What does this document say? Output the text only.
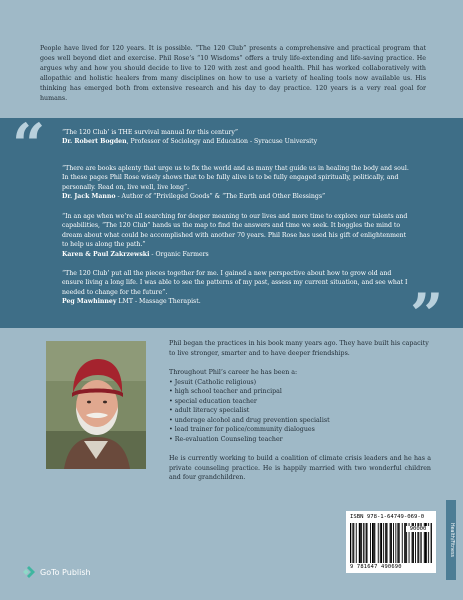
People have lived for 120 years. It is possible. “The 120 Club” presents a comprehensive and practical program that goes well beyond diet and exercise. Phil Rose’s “10 Wisdoms” offers a truly life-extending and life-saving practice. He argues why and how you should decide to live to 120 with zest and good health. Phil has worked collaboratively with allopathic and holistic healers from many disciplines on how to use a variety of healing tools now available us. His thinking has emerged both from extensive research and his day to day practice. 120 years is a very real goal for humans.
“
”
“The 120 Club’ is THE survival manual for this century”
Dr. Robert Bogden, Professor of Sociology and Education - Syracuse University
“There are books aplenty that urge us to fix the world and as many that guide us in healing the body and soul. In these pages Phil Rose wisely shows that to be fully alive is to be fully engaged spiritually, politically, and personally. Read on, live well, live long”.
Dr. Jack Manno - Author of “Privileged Goods” & “The Earth and Other Blessings”
“In an age when we’re all searching for deeper meaning to our lives and more time to explore our talents and capabilities, “The 120 Club” hands us the map to find the answers and time we seek. It boggles the mind to dream about what could be accomplished with another 70 years. Phil Rose has used his gift of enlightenment to help us along the path.”
Karen & Paul Zakrzewski - Organic Farmers
“The 120 Club’ put all the pieces together for me. I gained a new perspective about how to grow old and ensure living a long life. I was able to see the patterns of my past, assess my current situation, and see what I needed to change for the future”.
Peg Mawhinney LMT - Massage Therapist.

Phil began the practices in his book many years ago. They have built his capacity to live stronger, smarter and to have deeper friendships.

Throughout Phil’s career he has been a:

• Jesuit (Catholic religious)
• high school teacher and principal
• special education teacher
• adult literacy specialist
• underage alcohol and drug prevention specialist
• lead trainer for police/community dialogues
• Re-evaluation Counseling teacher

He is currently working to build a coalition of climate crisis leaders and he has a private counseling practice. He is happily married with two wonderful children and four grandchildren.

ISBN 978-1-64749-069-0
90000
9 781647 490690
Health/Fitness
GoTo Publish
